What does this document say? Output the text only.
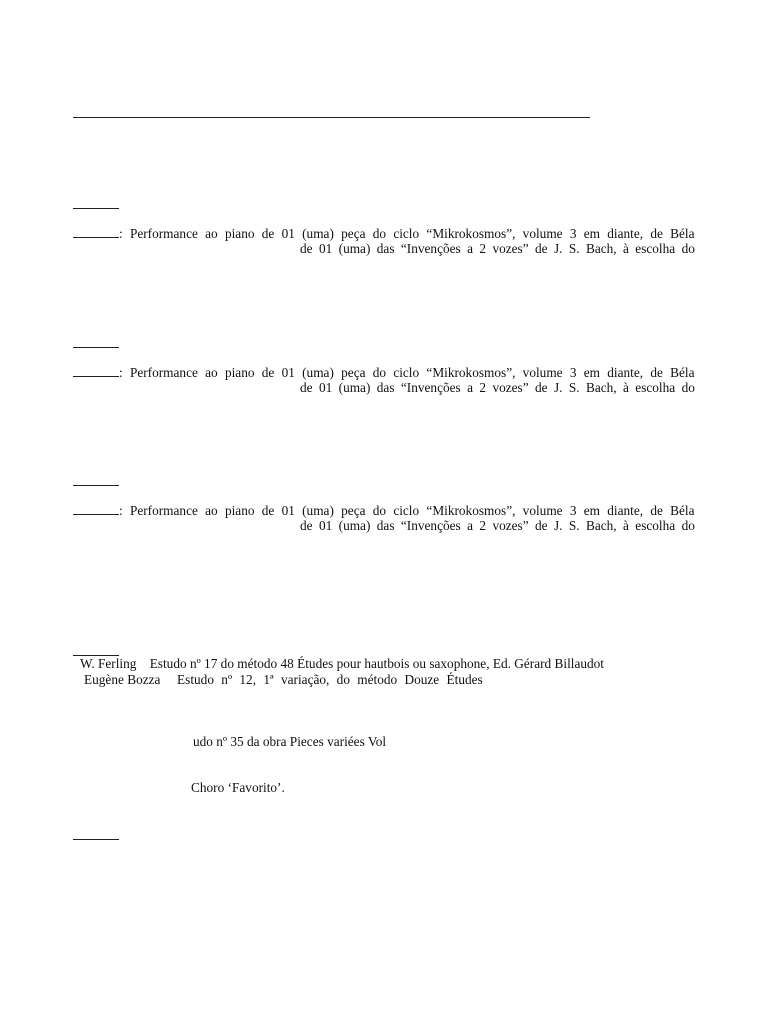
: Performance ao piano de 01 (uma) peça do ciclo “Mikrokosmos”, volume 3 em diante, de Béla
de 01 (uma) das “Invenções a 2 vozes” de J. S. Bach, à escolha do
: Performance ao piano de 01 (uma) peça do ciclo “Mikrokosmos”, volume 3 em diante, de Béla
de 01 (uma) das “Invenções a 2 vozes” de J. S. Bach, à escolha do
: Performance ao piano de 01 (uma) peça do ciclo “Mikrokosmos”, volume 3 em diante, de Béla
de 01 (uma) das “Invenções a 2 vozes” de J. S. Bach, à escolha do
W. Ferling Estudo nº 17 do método 48 Études pour hautbois ou saxophone, Ed. Gérard Billaudot
Eugène Bozza Estudo nº 12, 1ª variação, do método Douze Études
udo nº 35 da obra Pieces variées Vol
Choro ‘Favorito’.
